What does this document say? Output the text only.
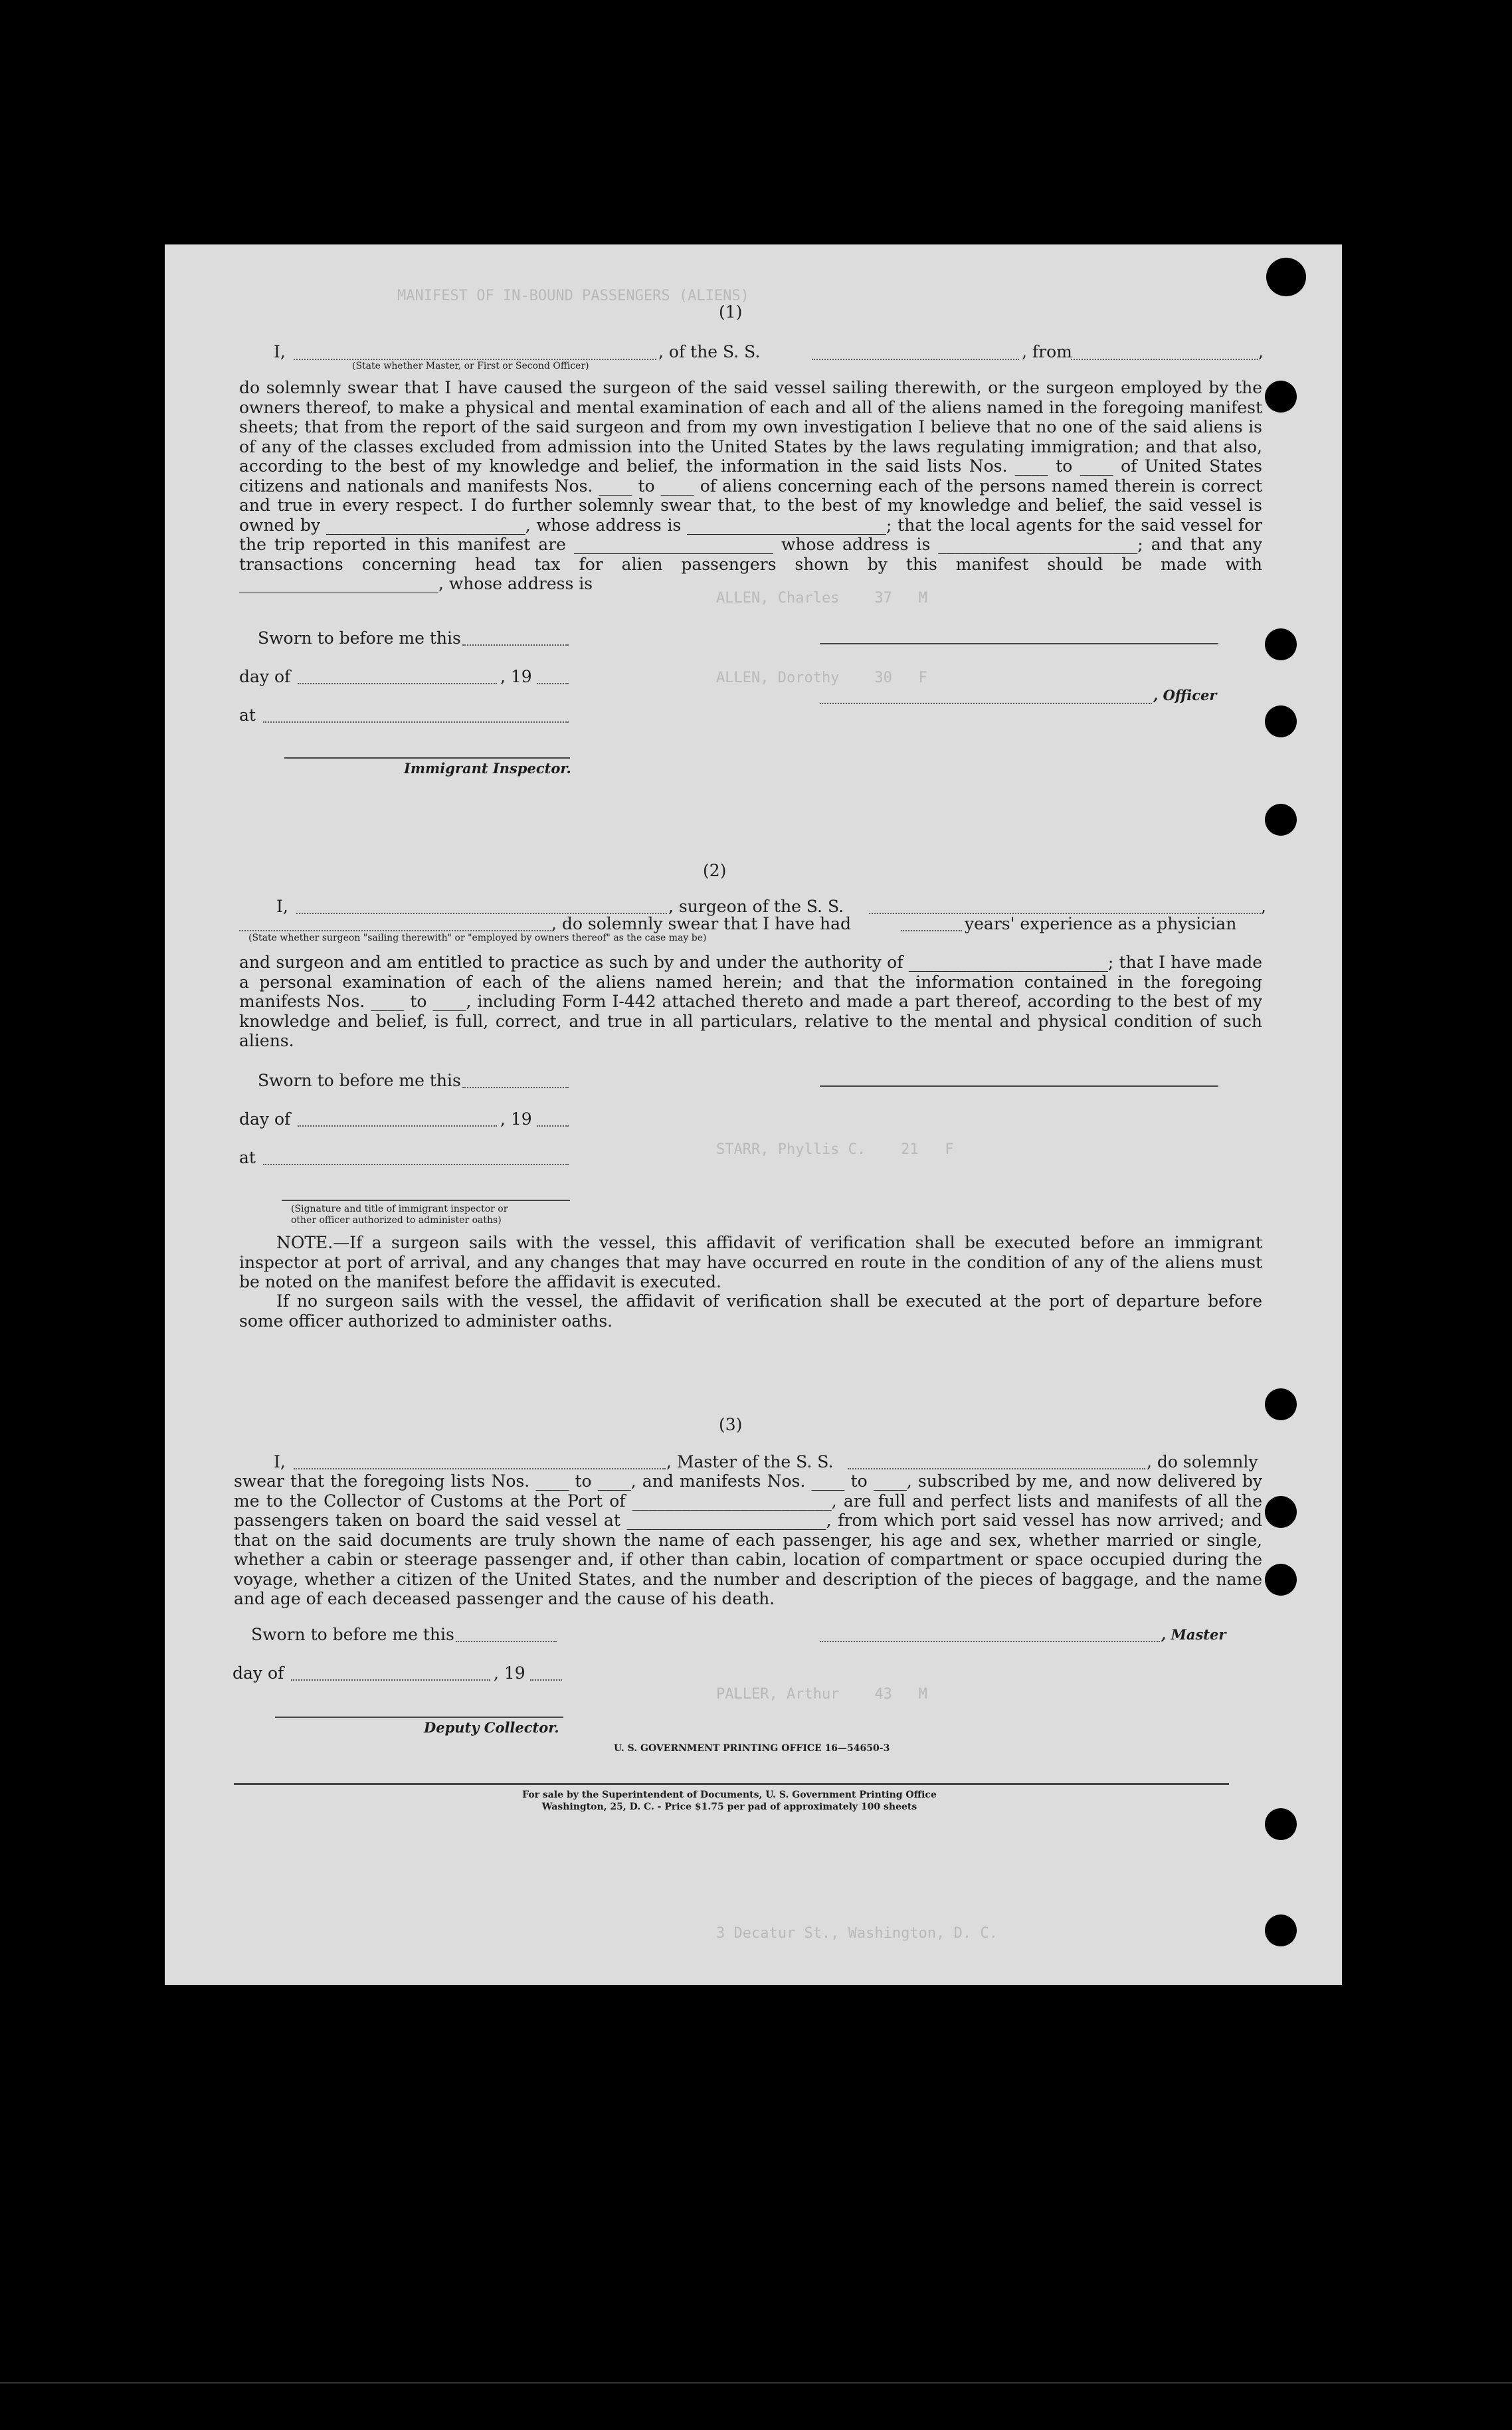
MANIFEST OF IN-BOUND PASSENGERS (ALIENS)
ALLEN, Charles    37   M
ALLEN, Dorothy    30   F
STARR, Phyllis C.    21   F
PALLER, Arthur    43   M
3 Decatur St., Washington, D. C.
(1)
I,	, of the S. S.	, from	,
(State whether Master, or First or Second Officer)
do solemnly swear that I have caused the surgeon of the said vessel sailing therewith, or the surgeon employed by the owners thereof, to make a physical and mental examination of each and all of the aliens named in the foregoing manifest sheets; that from the report of the said surgeon and from my own investigation I believe that no one of the said aliens is of any of the classes excluded from admission into the United States by the laws regulating immigration; and that also, according to the best of my knowledge and belief, the information in the said lists Nos. ____ to ____ of United States citizens and nationals and manifests Nos. ____ to ____ of aliens concerning each of the persons named therein is correct and true in every respect. I do further solemnly swear that, to the best of my knowledge and belief, the said vessel is owned by ________________________, whose address is ________________________; that the local agents for the said vessel for the trip reported in this manifest are ________________________ whose address is ________________________; and that any transactions concerning head tax for alien passengers shown by this manifest should be made with ________________________, whose address is
Sworn to before me this
day of	, 19
, Officer
at
Immigrant Inspector.
(2)
I,	, surgeon of the S. S.	,
, do solemnly swear that I have had	years' experience as a physician
(State whether surgeon "sailing therewith" or "employed by owners thereof" as the case may be)
and surgeon and am entitled to practice as such by and under the authority of ________________________; that I have made a personal examination of each of the aliens named herein; and that the information contained in the foregoing manifests Nos. ____ to ____, including Form I-442 attached thereto and made a part thereof, according to the best of my knowledge and belief, is full, correct, and true in all particulars, relative to the mental and physical condition of such aliens.
Sworn to before me this
day of	, 19
at
(Signature and title of immigrant inspector or
other officer authorized to administer oaths)
NOTE.—If a surgeon sails with the vessel, this affidavit of verification shall be executed before an immigrant inspector at port of arrival, and any changes that may have occurred en route in the condition of any of the aliens must be noted on the manifest before the affidavit is executed.
If no surgeon sails with the vessel, the affidavit of verification shall be executed at the port of departure before some officer authorized to administer oaths.
(3)
I,	, Master of the S. S.	, do solemnly
swear that the foregoing lists Nos. ____ to ____, and manifests Nos. ____ to ____, subscribed by me, and now delivered by me to the Collector of Customs at the Port of ________________________, are full and perfect lists and manifests of all the passengers taken on board the said vessel at ________________________, from which port said vessel has now arrived; and that on the said documents are truly shown the name of each passenger, his age and sex, whether married or single, whether a cabin or steerage passenger and, if other than cabin, location of compartment or space occupied during the voyage, whether a citizen of the United States, and the number and description of the pieces of baggage, and the name and age of each deceased passenger and the cause of his death.
Sworn to before me this	, Master
day of	, 19
Deputy Collector.
U. S. GOVERNMENT PRINTING OFFICE 16—54650-3
For sale by the Superintendent of Documents, U. S. Government Printing Office
Washington, 25, D. C. - Price $1.75 per pad of approximately 100 sheets
